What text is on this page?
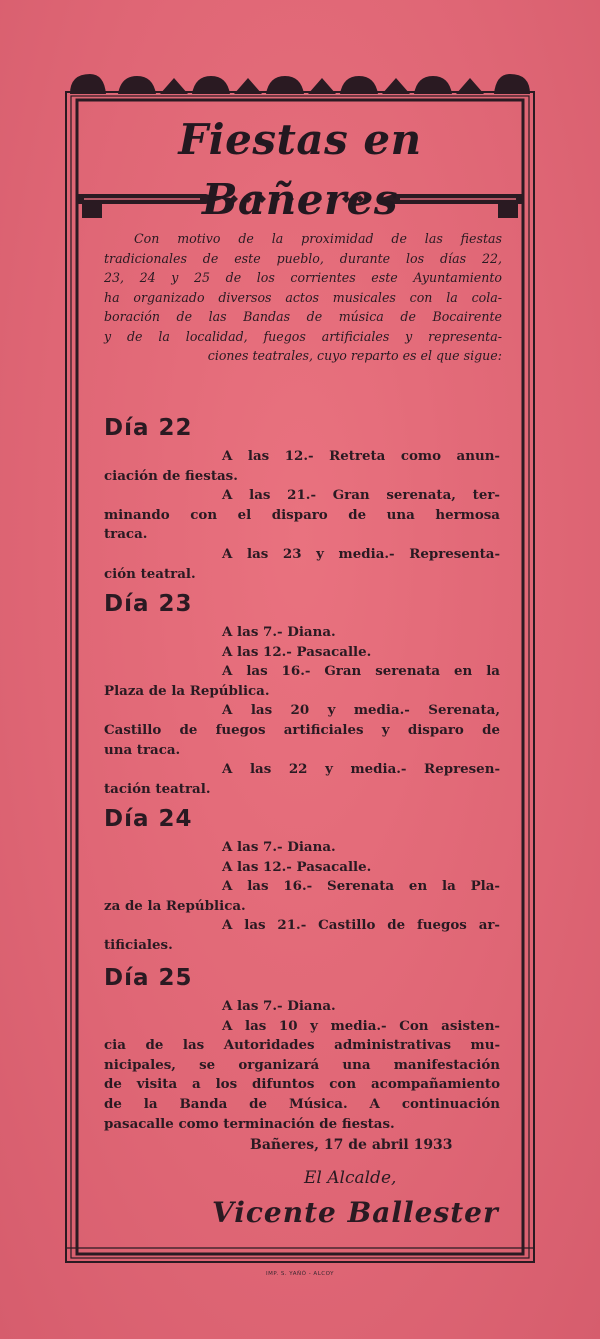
Fiestas en Bañeres
Con motivo de la proximidad de las fiestas
tradicionales de este pueblo, durante los días 22,
23, 24 y 25 de los corrientes este Ayuntamiento
ha organizado diversos actos musicales con la cola-
boración de las Bandas de música de Bocairente
y de la localidad, fuegos artificiales y representa-
ciones teatrales, cuyo reparto es el que sigue:
Día 22
A las 12.- Retreta como anun-
ciación de fiestas.
A las 21.- Gran serenata, ter-
minando con el disparo de una hermosa
traca.
A las 23 y media.- Representa-
ción teatral.
Día 23
A las 7.- Diana.
A las 12.- Pasacalle.
A las 16.- Gran serenata en la
Plaza de la República.
A las 20 y media.- Serenata,
Castillo de fuegos artificiales y disparo de
una traca.
A las 22 y media.- Represen-
tación teatral.
Día 24
A las 7.- Diana.
A las 12.- Pasacalle.
A las 16.- Serenata en la Pla-
za de la República.
A las 21.- Castillo de fuegos ar-
tificiales.
Día 25
A las 7.- Diana.
A las 10 y media.- Con asisten-
cia de las Autoridades administrativas mu-
nicipales, se organizará una manifestación
de visita a los difuntos con acompañamiento
de la Banda de Música. A continuación
pasacalle como terminación de fiestas.
Bañeres, 17 de abril 1933
El Alcalde,
Vicente Ballester
IMP. S. YAÑÓ - ALCOY
